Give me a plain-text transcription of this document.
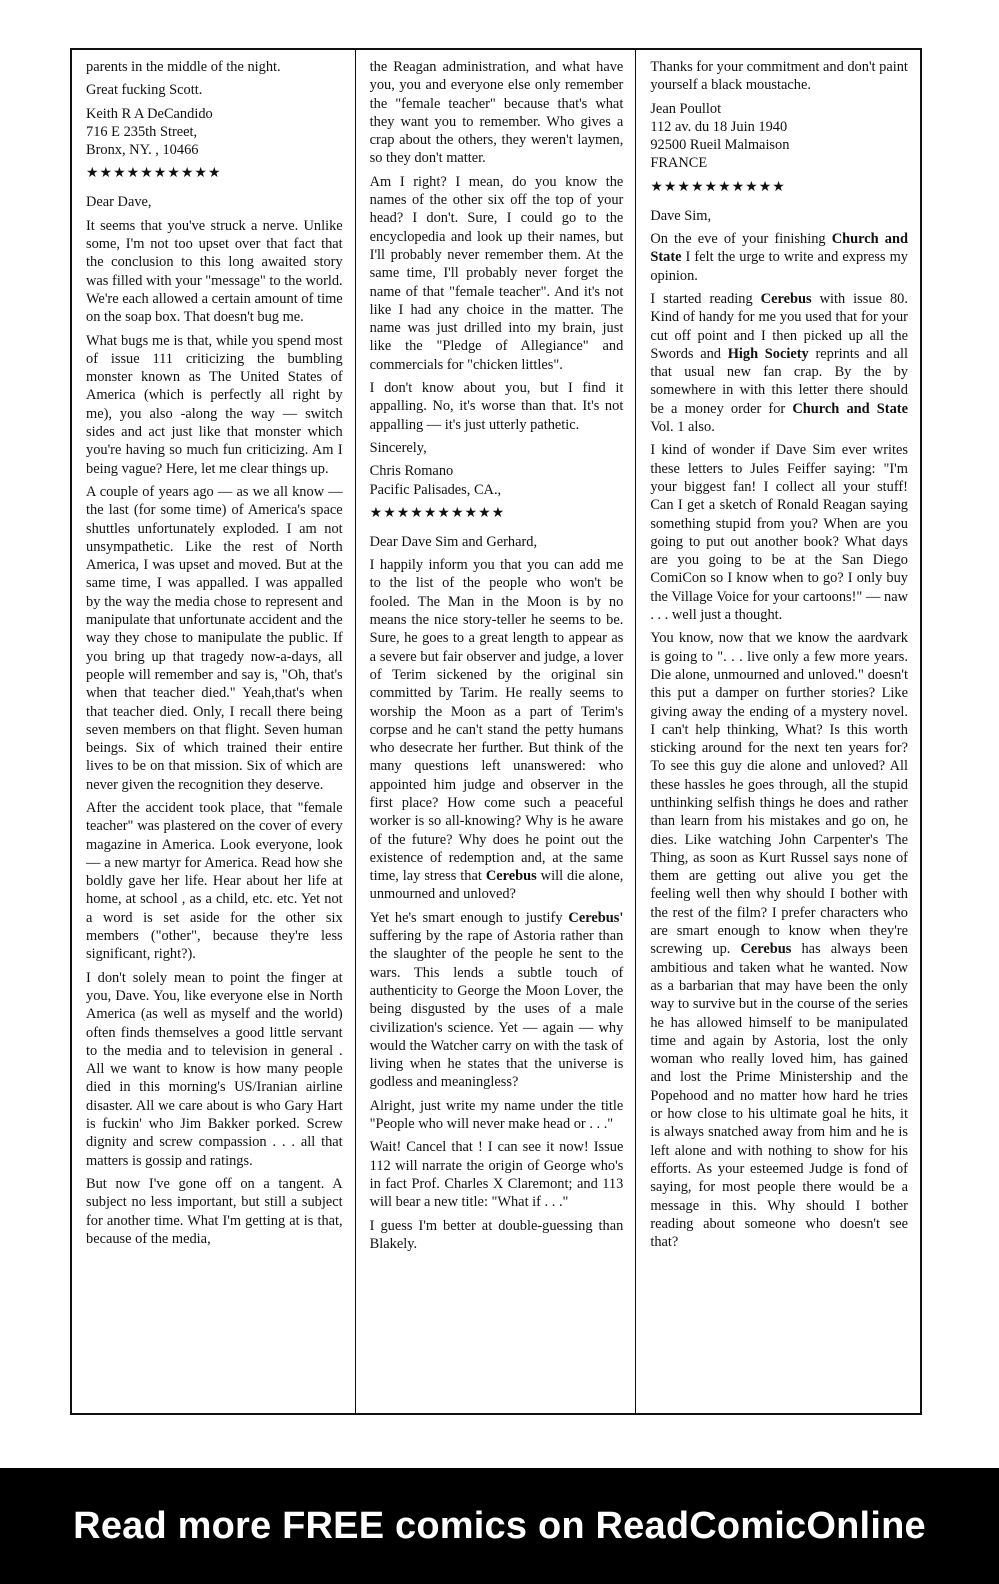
parents in the middle of the night.

Great fucking Scott.

Keith R A DeCandido

716 E 235th Street,

Bronx, NY. , 10466

★★★★★★★★★★

Dear Dave,

It seems that you've struck a nerve. Unlike some, I'm not too upset over that fact that the conclusion to this long awaited story was filled with your "message" to the world. We're each allowed a certain amount of time on the soap box. That doesn't bug me.

What bugs me is that, while you spend most of issue 111 criticizing the bumbling monster known as The United States of America (which is perfectly all right by me), you also -along the way — switch sides and act just like that monster which you're having so much fun criticizing. Am I being vague? Here, let me clear things up.

A couple of years ago — as we all know — the last (for some time) of America's space shuttles unfortunately exploded. I am not unsympathetic. Like the rest of North America, I was upset and moved. But at the same time, I was appalled. I was appalled by the way the media chose to represent and manipulate that unfortunate accident and the way they chose to manipulate the public. If you bring up that tragedy now-a-days, all people will remember and say is, "Oh, that's when that teacher died." Yeah,that's when that teacher died. Only, I recall there being seven members on that flight. Seven human beings. Six of which trained their entire lives to be on that mission. Six of which are never given the recognition they deserve.

After the accident took place, that "female teacher" was plastered on the cover of every magazine in America. Look everyone, look — a new martyr for America. Read how she boldly gave her life. Hear about her life at home, at school , as a child, etc. etc. Yet not a word is set aside for the other six members ("other", because they're less significant, right?).

I don't solely mean to point the finger at you, Dave. You, like everyone else in North America (as well as myself and the world) often finds themselves a good little servant to the media and to television in general . All we want to know is how many people died in this morning's US/Iranian airline disaster. All we care about is who Gary Hart is fuckin' who Jim Bakker porked. Screw dignity and screw compassion . . . all that matters is gossip and ratings.

But now I've gone off on a tangent. A subject no less important, but still a subject for another time. What I'm getting at is that, because of the media,

the Reagan administration, and what have you, you and everyone else only remember the "female teacher" because that's what they want you to remember. Who gives a crap about the others, they weren't laymen, so they don't matter.

Am I right? I mean, do you know the names of the other six off the top of your head? I don't. Sure, I could go to the encyclopedia and look up their names, but I'll probably never remember them. At the same time, I'll probably never forget the name of that "female teacher". And it's not like I had any choice in the matter. The name was just drilled into my brain, just like the "Pledge of Allegiance" and commercials for "chicken littles".

I don't know about you, but I find it appalling. No, it's worse than that. It's not appalling — it's just utterly pathetic.

Sincerely,

Chris Romano

Pacific Palisades, CA.,

★★★★★★★★★★

Dear Dave Sim and Gerhard,

I happily inform you that you can add me to the list of the people who won't be fooled. The Man in the Moon is by no means the nice story-teller he seems to be. Sure, he goes to a great length to appear as a severe but fair observer and judge, a lover of Terim sickened by the original sin committed by Tarim. He really seems to worship the Moon as a part of Terim's corpse and he can't stand the petty humans who desecrate her further. But think of the many questions left unanswered: who appointed him judge and observer in the first place? How come such a peaceful worker is so all-knowing? Why is he aware of the future? Why does he point out the existence of redemption and, at the same time, lay stress that Cerebus will die alone, unmourned and unloved?

Yet he's smart enough to justify Cerebus' suffering by the rape of Astoria rather than the slaughter of the people he sent to the wars. This lends a subtle touch of authenticity to George the Moon Lover, the being disgusted by the uses of a male civilization's science. Yet — again — why would the Watcher carry on with the task of living when he states that the universe is godless and meaningless?

Alright, just write my name under the title "People who will never make head or . . ."

Wait! Cancel that ! I can see it now! Issue 112 will narrate the origin of George who's in fact Prof. Charles X Claremont; and 113 will bear a new title: "What if . . ."

I guess I'm better at double-guessing than Blakely.

Thanks for your commitment and don't paint yourself a black moustache.

Jean Poullot

112 av. du 18 Juin 1940

92500 Rueil Malmaison

FRANCE

★★★★★★★★★★

Dave Sim,

On the eve of your finishing Church and State I felt the urge to write and express my opinion.

I started reading Cerebus with issue 80. Kind of handy for me you used that for your cut off point and I then picked up all the Swords and High Society reprints and all that usual new fan crap. By the by somewhere in with this letter there should be a money order for Church and State Vol. 1 also.

I kind of wonder if Dave Sim ever writes these letters to Jules Feiffer saying: "I'm your biggest fan! I collect all your stuff! Can I get a sketch of Ronald Reagan saying something stupid from you? When are you going to put out another book? What days are you going to be at the San Diego ComiCon so I know when to go? I only buy the Village Voice for your cartoons!" — naw . . . well just a thought.

You know, now that we know the aardvark is going to ". . . live only a few more years. Die alone, unmourned and unloved." doesn't this put a damper on further stories? Like giving away the ending of a mystery novel. I can't help thinking, What? Is this worth sticking around for the next ten years for? To see this guy die alone and unloved? All these hassles he goes through, all the stupid unthinking selfish things he does and rather than learn from his mistakes and go on, he dies. Like watching John Carpenter's The Thing, as soon as Kurt Russel says none of them are getting out alive you get the feeling well then why should I bother with the rest of the film? I prefer characters who are smart enough to know when they're screwing up. Cerebus has always been ambitious and taken what he wanted. Now as a barbarian that may have been the only way to survive but in the course of the series he has allowed himself to be manipulated time and again by Astoria, lost the only woman who really loved him, has gained and lost the Prime Ministership and the Popehood and no matter how hard he tries or how close to his ultimate goal he hits, it is always snatched away from him and he is left alone and with nothing to show for his efforts. As your esteemed Judge is fond of saying, for most people there would be a message in this. Why should I bother reading about someone who doesn't see that?

Read more FREE comics on ReadComicOnline
